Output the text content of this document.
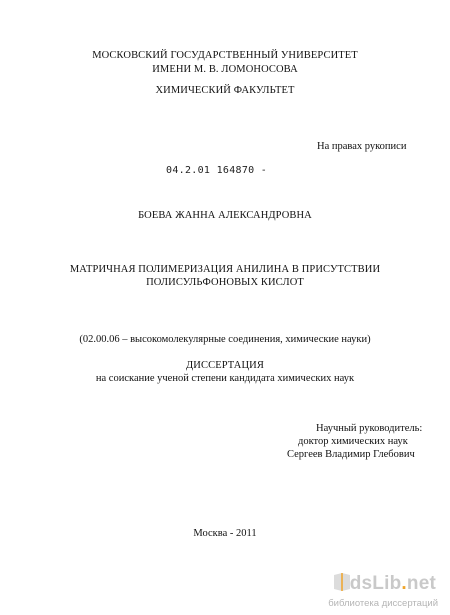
МОСКОВСКИЙ ГОСУДАРСТВЕННЫЙ УНИВЕРСИТЕТ
ИМЕНИ М. В. ЛОМОНОСОВА
ХИМИЧЕСКИЙ ФАКУЛЬТЕТ
На правах рукописи
04.2.01 164870 -
БОЕВА ЖАННА АЛЕКСАНДРОВНА
МАТРИЧНАЯ ПОЛИМЕРИЗАЦИЯ АНИЛИНА В ПРИСУТСТВИИ
ПОЛИСУЛЬФОНОВЫХ КИСЛОТ
(02.00.06 – высокомолекулярные соединения, химические науки)
ДИССЕРТАЦИЯ
на соискание ученой степени кандидата химических наук
Научный руководитель:
доктор химических наук
Сергеев Владимир Глебович
Москва - 2011
dsLib.net
библиотека диссертаций
